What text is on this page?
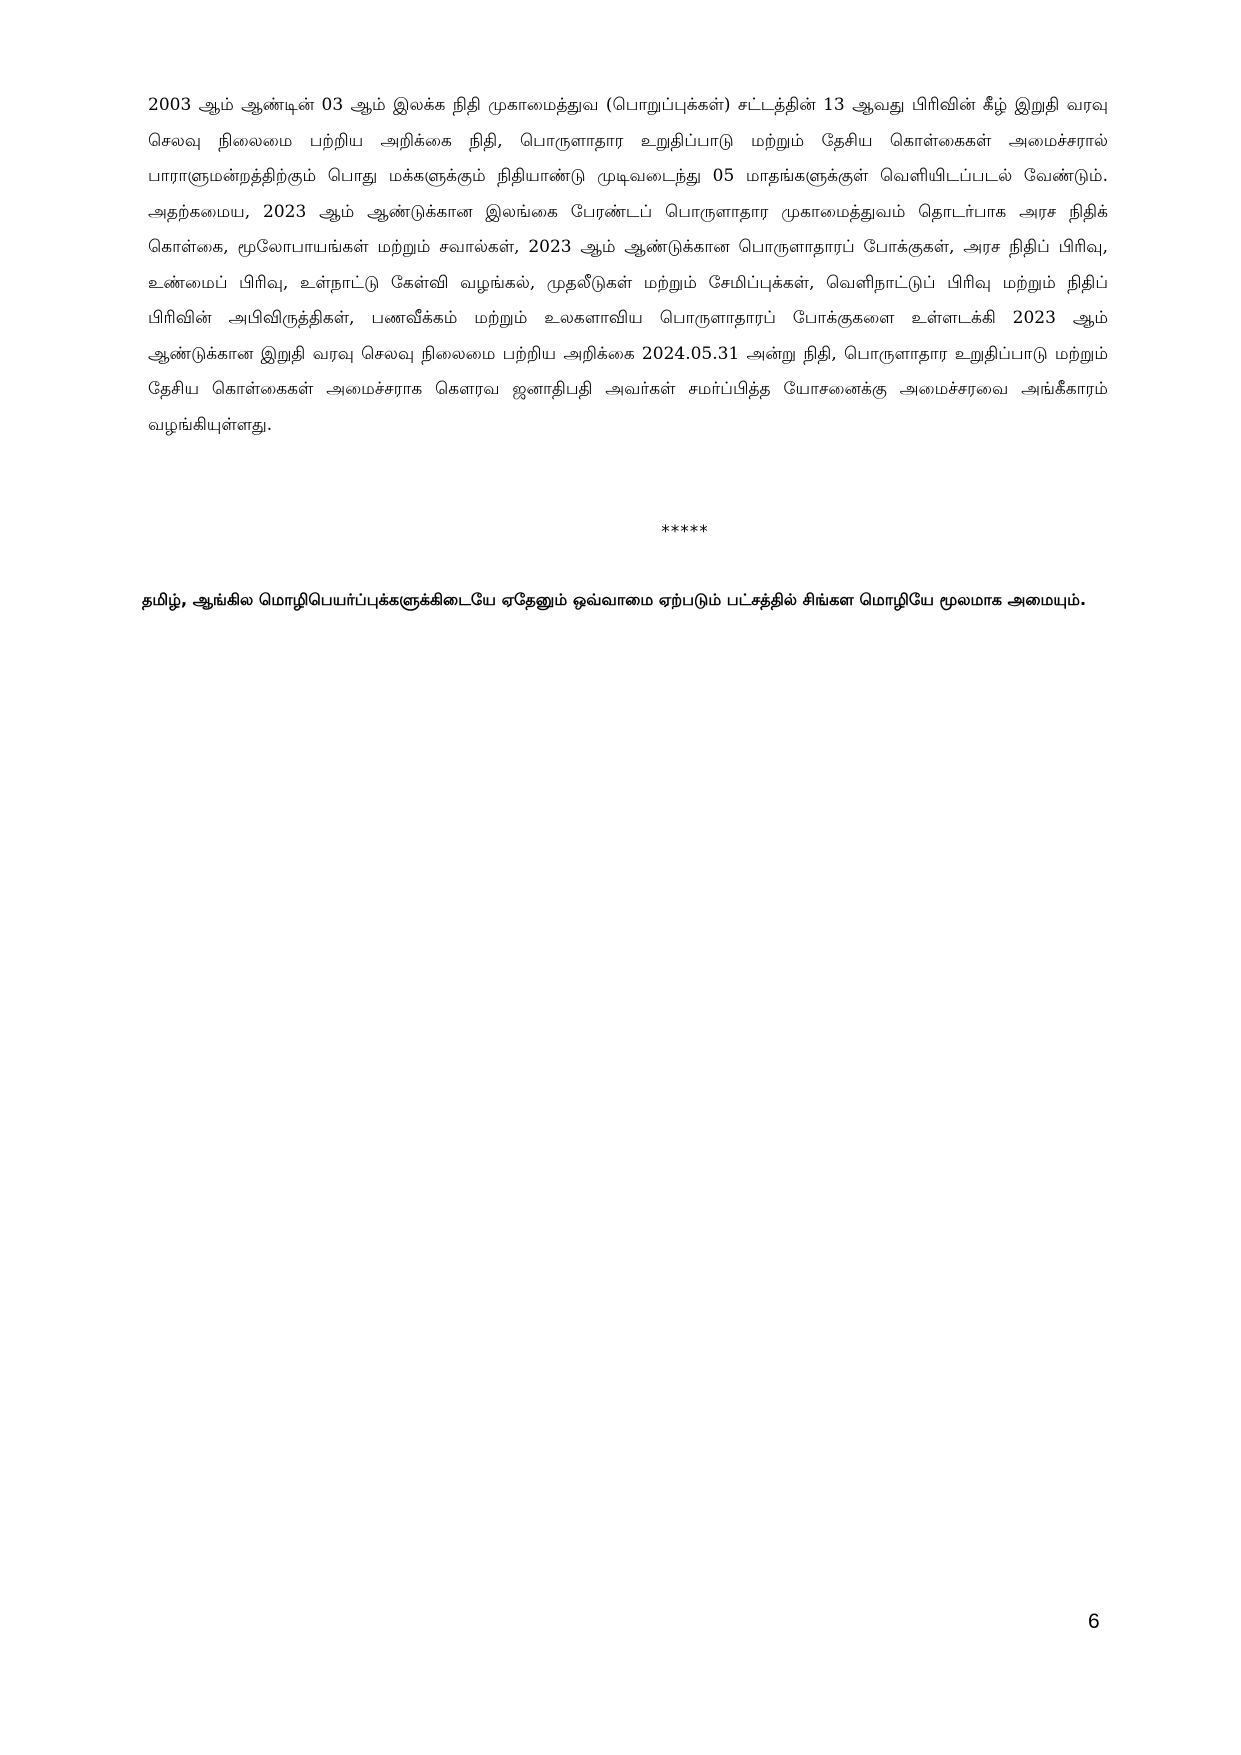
2003 ஆம் ஆண்டின் 03 ஆம் இலக்க நிதி முகாமைத்துவ (பொறுப்புக்கள்) சட்டத்தின் 13 ஆவது பிரிவின் கீழ் இறுதி வரவு செலவு நிலைமை பற்றிய அறிக்கை நிதி, பொருளாதார உறுதிப்பாடு மற்றும் தேசிய கொள்கைகள் அமைச்சரால் பாராளுமன்றத்திற்கும் பொது மக்களுக்கும் நிதியாண்டு முடிவடைந்து 05 மாதங்களுக்குள் வெளியிடப்படல் வேண்டும். அதற்கமைய, 2023 ஆம் ஆண்டுக்கான இலங்கை பேரண்டப் பொருளாதார முகாமைத்துவம் தொடர்பாக அரச நிதிக் கொள்கை, மூலோபாயங்கள் மற்றும் சவால்கள், 2023 ஆம் ஆண்டுக்கான பொருளாதாரப் போக்குகள், அரச நிதிப் பிரிவு, உண்மைப் பிரிவு, உள்நாட்டு கேள்வி வழங்கல், முதலீடுகள் மற்றும் சேமிப்புக்கள், வெளிநாட்டுப் பிரிவு மற்றும் நிதிப் பிரிவின் அபிவிருத்திகள், பணவீக்கம் மற்றும் உலகளாவிய பொருளாதாரப் போக்குகளை உள்ளடக்கி 2023 ஆம் ஆண்டுக்கான இறுதி வரவு செலவு நிலைமை பற்றிய அறிக்கை 2024.05.31 அன்று நிதி, பொருளாதார உறுதிப்பாடு மற்றும் தேசிய கொள்கைகள் அமைச்சராக கௌரவ ஜனாதிபதி அவர்கள் சமர்ப்பித்த யோசனைக்கு அமைச்சரவை அங்கீகாரம் வழங்கியுள்ளது.

*****

தமிழ், ஆங்கில மொழிபெயர்ப்புக்களுக்கிடையே ஏதேனும் ஒவ்வாமை ஏற்படும் பட்சத்தில் சிங்கள மொழியே மூலமாக அமையும்.

6
